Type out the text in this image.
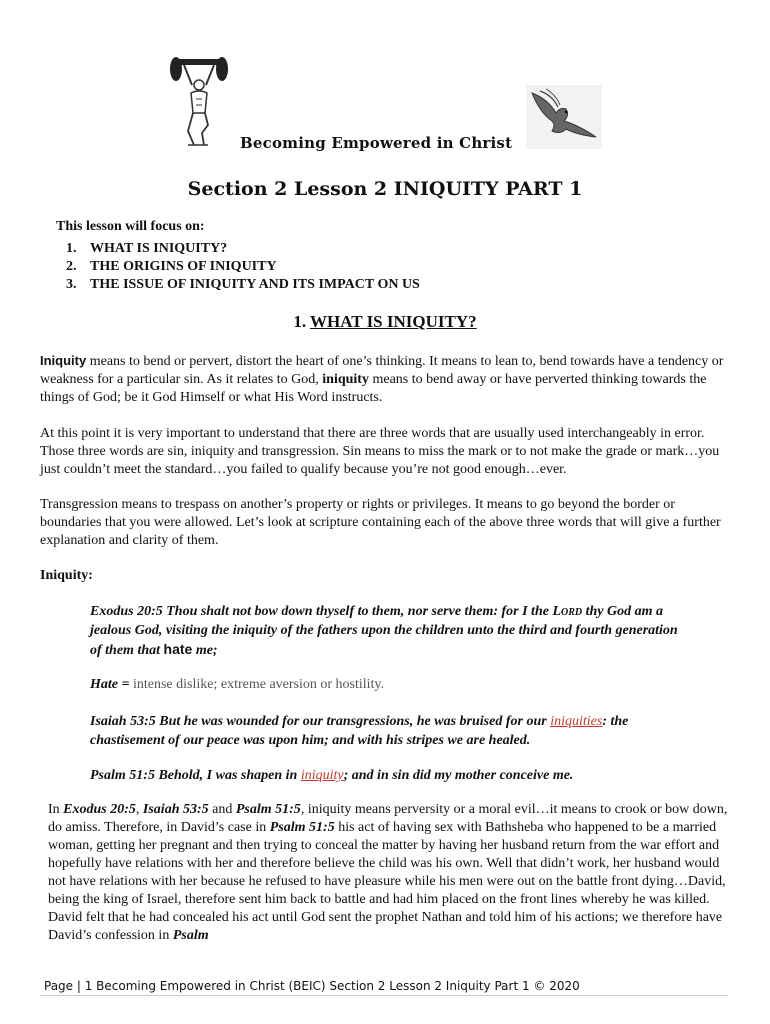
Becoming Empowered in Christ
Section 2 Lesson 2 INIQUITY PART 1
This lesson will focus on:
1. WHAT IS INIQUITY?
2. THE ORIGINS OF INIQUITY
3. THE ISSUE OF INIQUITY AND ITS IMPACT ON US
1. WHAT IS INIQUITY?
Iniquity means to bend or pervert, distort the heart of one’s thinking. It means to lean to, bend towards have a tendency or weakness for a particular sin. As it relates to God, iniquity means to bend away or have perverted thinking towards the things of God; be it God Himself or what His Word instructs.
At this point it is very important to understand that there are three words that are usually used interchangeably in error. Those three words are sin, iniquity and transgression. Sin means to miss the mark or to not make the grade or mark…you just couldn’t meet the standard…you failed to qualify because you’re not good enough…ever.
Transgression means to trespass on another’s property or rights or privileges. It means to go beyond the border or boundaries that you were allowed. Let’s look at scripture containing each of the above three words that will give a further explanation and clarity of them.
Iniquity:
Exodus 20:5 Thou shalt not bow down thyself to them, nor serve them: for I the Lord thy God am a jealous God, visiting the iniquity of the fathers upon the children unto the third and fourth generation of them that hate me;
Hate = intense dislike; extreme aversion or hostility.
Isaiah 53:5 But he was wounded for our transgressions, he was bruised for our iniquities: the chastisement of our peace was upon him; and with his stripes we are healed.
Psalm 51:5 Behold, I was shapen in iniquity; and in sin did my mother conceive me.
In Exodus 20:5, Isaiah 53:5 and Psalm 51:5, iniquity means perversity or a moral evil…it means to crook or bow down, do amiss. Therefore, in David’s case in Psalm 51:5 his act of having sex with Bathsheba who happened to be a married woman, getting her pregnant and then trying to conceal the matter by having her husband return from the war effort and hopefully have relations with her and therefore believe the child was his own. Well that didn’t work, her husband would not have relations with her because he refused to have pleasure while his men were out on the battle front dying…David, being the king of Israel, therefore sent him back to battle and had him placed on the front lines whereby he was killed. David felt that he had concealed his act until God sent the prophet Nathan and told him of his actions; we therefore have David’s confession in Psalm
Page | 1 Becoming Empowered in Christ (BEIC) Section 2 Lesson 2 Iniquity Part 1 © 2020
